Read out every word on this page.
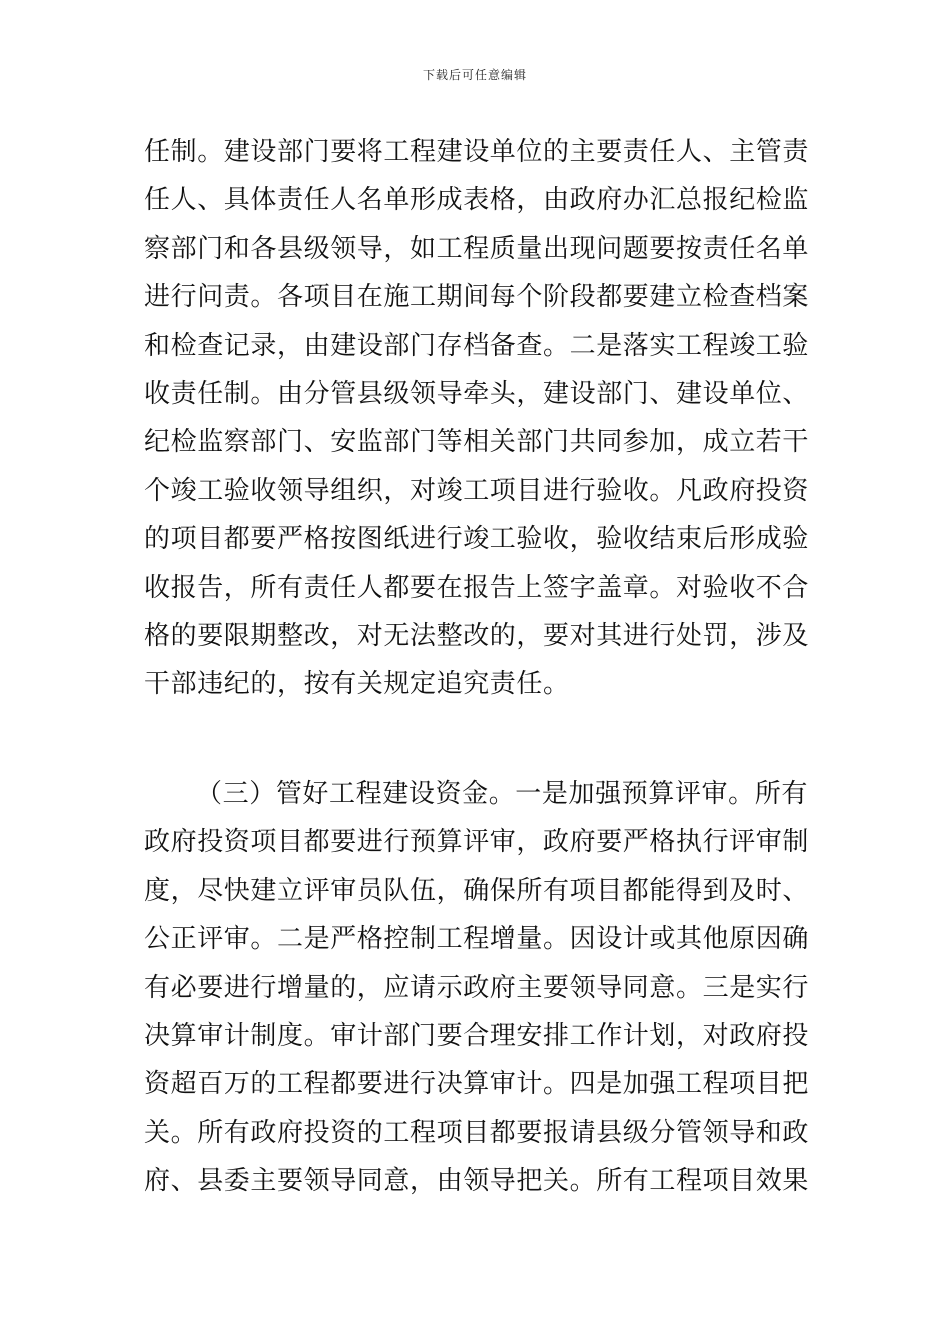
下载后可任意编辑
任制。建设部门要将工程建设单位的主要责任人、主管责
任人、具体责任人名单形成表格，由政府办汇总报纪检监
察部门和各县级领导，如工程质量出现问题要按责任名单
进行问责。各项目在施工期间每个阶段都要建立检查档案
和检查记录，由建设部门存档备查。二是落实工程竣工验
收责任制。由分管县级领导牵头，建设部门、建设单位、
纪检监察部门、安监部门等相关部门共同参加，成立若干
个竣工验收领导组织，对竣工项目进行验收。凡政府投资
的项目都要严格按图纸进行竣工验收，验收结束后形成验
收报告，所有责任人都要在报告上签字盖章。对验收不合
格的要限期整改，对无法整改的，要对其进行处罚，涉及
干部违纪的，按有关规定追究责任。
（三）管好工程建设资金。一是加强预算评审。所有
政府投资项目都要进行预算评审，政府要严格执行评审制
度，尽快建立评审员队伍，确保所有项目都能得到及时、
公正评审。二是严格控制工程增量。因设计或其他原因确
有必要进行增量的，应请示政府主要领导同意。三是实行
决算审计制度。审计部门要合理安排工作计划，对政府投
资超百万的工程都要进行决算审计。四是加强工程项目把
关。所有政府投资的工程项目都要报请县级分管领导和政
府、县委主要领导同意，由领导把关。所有工程项目效果
